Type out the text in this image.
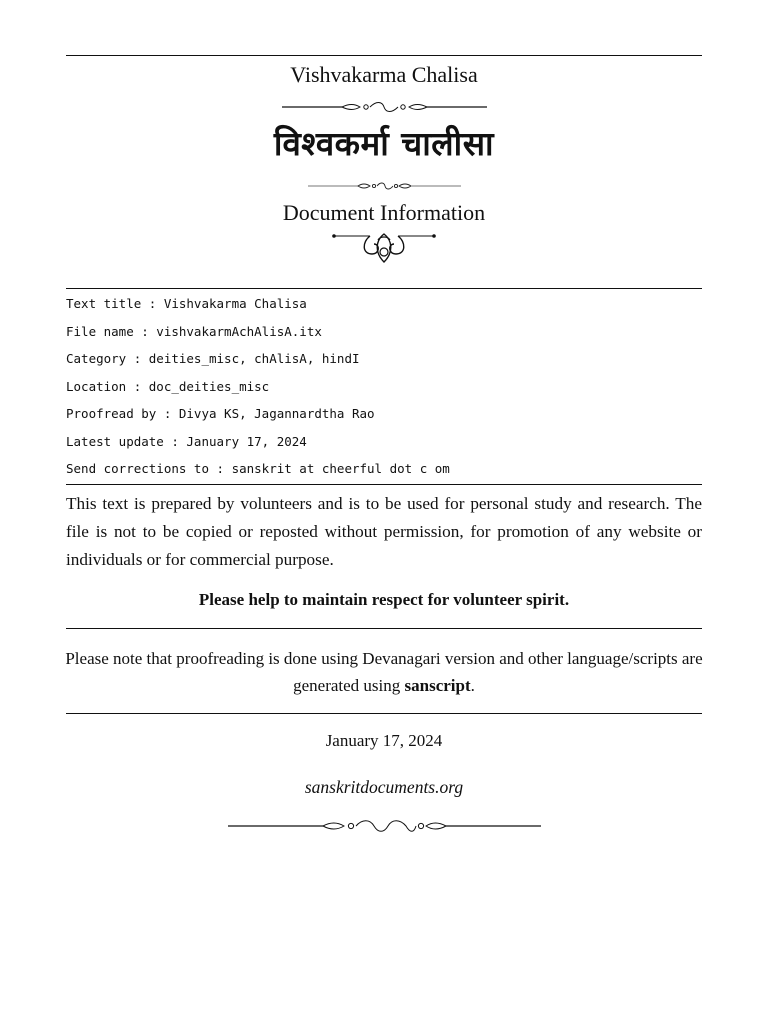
Vishvakarma Chalisa
विश्वकर्मा चालीसा
Document Information
Text title : Vishvakarma Chalisa
File name : vishvakarmAchAlisA.itx
Category : deities_misc, chAlisA, hindI
Location : doc_deities_misc
Proofread by : Divya KS, Jagannardtha Rao
Latest update : January 17, 2024
Send corrections to : sanskrit at cheerful dot c om
This text is prepared by volunteers and is to be used for personal study and research. The file is not to be copied or reposted without permission, for promotion of any website or individuals or for commercial purpose.
Please help to maintain respect for volunteer spirit.
Please note that proofreading is done using Devanagari version and other language/scripts are generated using sanscript.
January 17, 2024
sanskritdocuments.org
